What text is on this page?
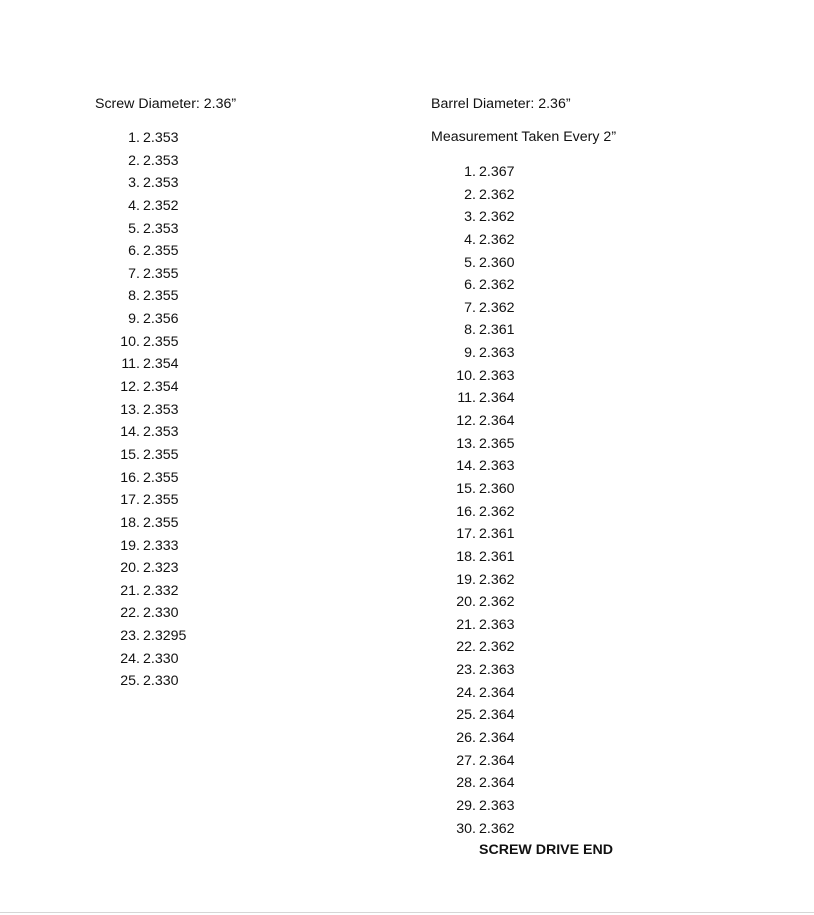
Screw Diameter: 2.36”
1. 2.353
2. 2.353
3. 2.353
4. 2.352
5. 2.353
6. 2.355
7. 2.355
8. 2.355
9. 2.356
10. 2.355
11. 2.354
12. 2.354
13. 2.353
14. 2.353
15. 2.355
16. 2.355
17. 2.355
18. 2.355
19. 2.333
20. 2.323
21. 2.332
22. 2.330
23. 2.3295
24. 2.330
25. 2.330
Barrel Diameter: 2.36”
Measurement Taken Every 2”
1. 2.367
2. 2.362
3. 2.362
4. 2.362
5. 2.360
6. 2.362
7. 2.362
8. 2.361
9. 2.363
10. 2.363
11. 2.364
12. 2.364
13. 2.365
14. 2.363
15. 2.360
16. 2.362
17. 2.361
18. 2.361
19. 2.362
20. 2.362
21. 2.363
22. 2.362
23. 2.363
24. 2.364
25. 2.364
26. 2.364
27. 2.364
28. 2.364
29. 2.363
30. 2.362
SCREW DRIVE END
